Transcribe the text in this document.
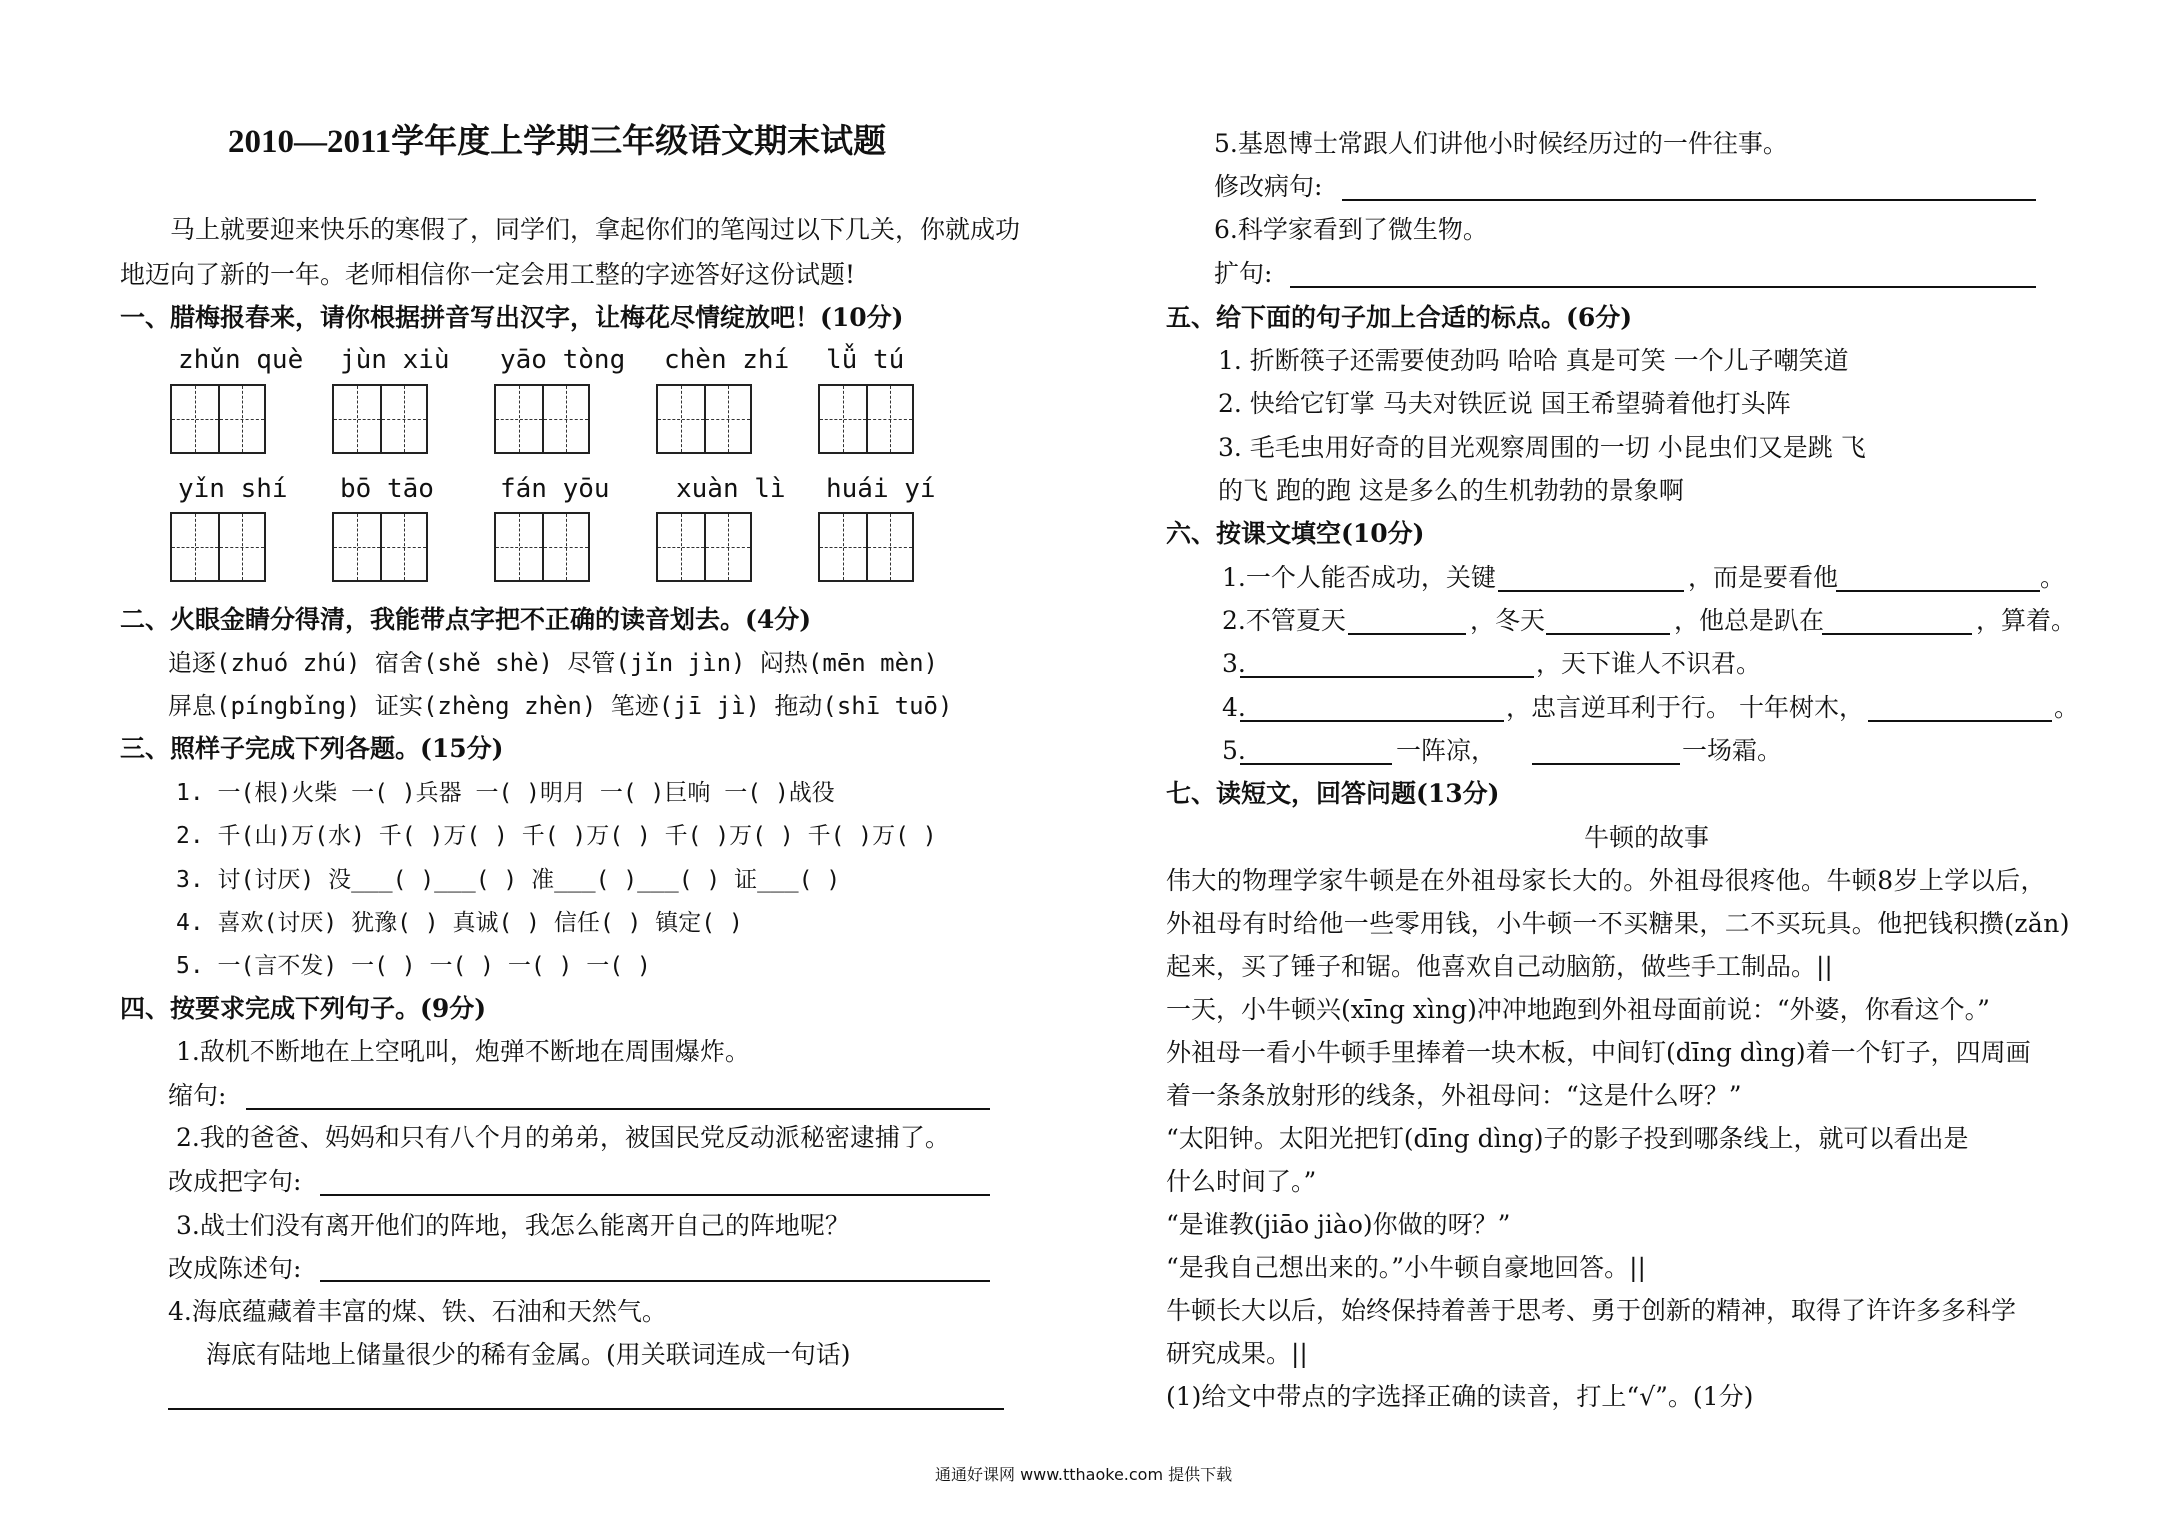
2010—2011学年度上学期三年级语文期末试题
马上就要迎来快乐的寒假了，同学们，拿起你们的笔闯过以下几关，你就成功
地迈向了新的一年。老师相信你一定会用工整的字迹答好这份试题!
一、腊梅报春来，请你根据拼音写出汉字，让梅花尽情绽放吧！(10分)
zhǔn què jùn xiù yāo tòng chèn zhí lǚ tú
yǐn shí bō tāo	fán yōu	xuàn lì huái yí
二、火眼金睛分得清，我能带点字把不正确的读音划去。(4分)
追逐(zhuó zhú) 宿舍(shě shè) 尽管(jǐn jìn) 闷热(mēn mèn)
屏息(píngbǐng) 证实(zhèng zhèn) 笔迹(jī jì) 拖动(shī tuō)
三、照样子完成下列各题。(15分)
1. 一(根)火柴 一( )兵器 一( )明月 一( )巨响 一( )战役
2. 千(山)万(水) 千( )万( ) 千( )万( ) 千( )万( ) 千( )万( )
3. 讨(讨厌) 没___( )___( ) 准___( )___( ) 证___( )
4. 喜欢(讨厌) 犹豫( ) 真诚( ) 信任( ) 镇定( )
5. 一(言不发) 一( ) 一( ) 一( ) 一( )
四、按要求完成下列句子。(9分)
1.敌机不断地在上空吼叫，炮弹不断地在周围爆炸。
缩句:
2.我的爸爸、妈妈和只有八个月的弟弟，被国民党反动派秘密逮捕了。
改成把字句:
3.战士们没有离开他们的阵地，我怎么能离开自己的阵地呢？
改成陈述句:
4.海底蕴藏着丰富的煤、铁、石油和天然气。
海底有陆地上储量很少的稀有金属。(用关联词连成一句话)
5.基恩博士常跟人们讲他小时候经历过的一件往事。
修改病句:
6.科学家看到了微生物。
扩句:
五、给下面的句子加上合适的标点。(6分)
1. 折断筷子还需要使劲吗 哈哈 真是可笑 一个儿子嘲笑道
2. 快给它钉掌 马夫对铁匠说 国王希望骑着他打头阵
3. 毛毛虫用好奇的目光观察周围的一切 小昆虫们又是跳 飞
的飞 跑的跑 这是多么的生机勃勃的景象啊
六、按课文填空(10分)
1.一个人能否成功，关键	，而是要看他	。
2.不管夏天	，冬天	，他总是趴在	，算着。
3.	，天下谁人不识君。
4.	，忠言逆耳利于行。 十年树木，	。
5.	一阵凉，	一场霜。
七、读短文，回答问题(13分)
牛顿的故事
伟大的物理学家牛顿是在外祖母家长大的。外祖母很疼他。牛顿8岁上学以后，
外祖母有时给他一些零用钱，小牛顿一不买糖果，二不买玩具。他把钱积攒(zǎn)
起来，买了锤子和锯。他喜欢自己动脑筋，做些手工制品。||
一天，小牛顿兴(xīng xìng)冲冲地跑到外祖母面前说：“外婆，你看这个。”
外祖母一看小牛顿手里捧着一块木板，中间钉(dīng dìng)着一个钉子，四周画
着一条条放射形的线条，外祖母问：“这是什么呀？”
“太阳钟。太阳光把钉(dīng dìng)子的影子投到哪条线上，就可以看出是
什么时间了。”
“是谁教(jiāo jiào)你做的呀？”
“是我自己想出来的。”小牛顿自豪地回答。||
牛顿长大以后，始终保持着善于思考、勇于创新的精神，取得了许许多多科学
研究成果。||
(1)给文中带点的字选择正确的读音，打上“√”。(1分)
通通好课网 www.tthaoke.com 提供下载
